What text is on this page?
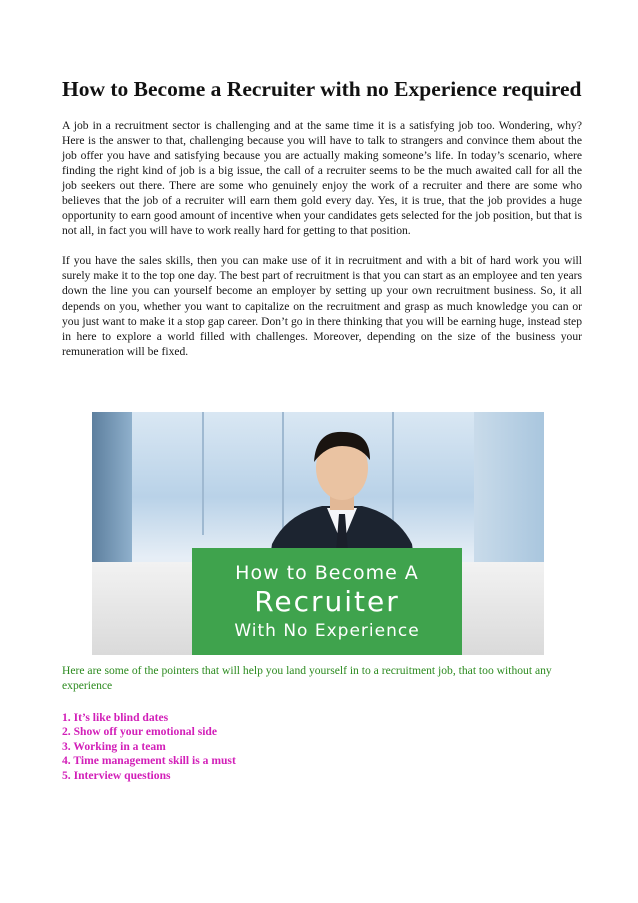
How to Become a Recruiter with no Experience required

A job in a recruitment sector is challenging and at the same time it is a satisfying job too. Wondering, why? Here is the answer to that, challenging because you will have to talk to strangers and convince them about the job offer you have and satisfying because you are actually making someone’s life. In today’s scenario, where finding the right kind of job is a big issue, the call of a recruiter seems to be the much awaited call for all the job seekers out there. There are some who genuinely enjoy the work of a recruiter and there are some who believes that the job of a recruiter will earn them gold every day. Yes, it is true, that the job provides a huge opportunity to earn good amount of incentive when your candidates gets selected for the job position, but that is not all, in fact you will have to work really hard for getting to that position.

If you have the sales skills, then you can make use of it in recruitment and with a bit of hard work you will surely make it to the top one day. The best part of recruitment is that you can start as an employee and ten years down the line you can yourself become an employer by setting up your own recruitment business. So, it all depends on you, whether you want to capitalize on the recruitment and grasp as much knowledge you can or you just want to make it a stop gap career. Don’t go in there thinking that you will be earning huge, instead step in here to explore a world filled with challenges. Moreover, depending on the size of the business your remuneration will be fixed.

How to Become A
Recruiter
With No Experience

Here are some of the pointers that will help you land yourself in to a recruitment job, that too without any experience

1. It’s like blind dates
2. Show off your emotional side
3. Working in a team
4. Time management skill is a must
5. Interview questions
